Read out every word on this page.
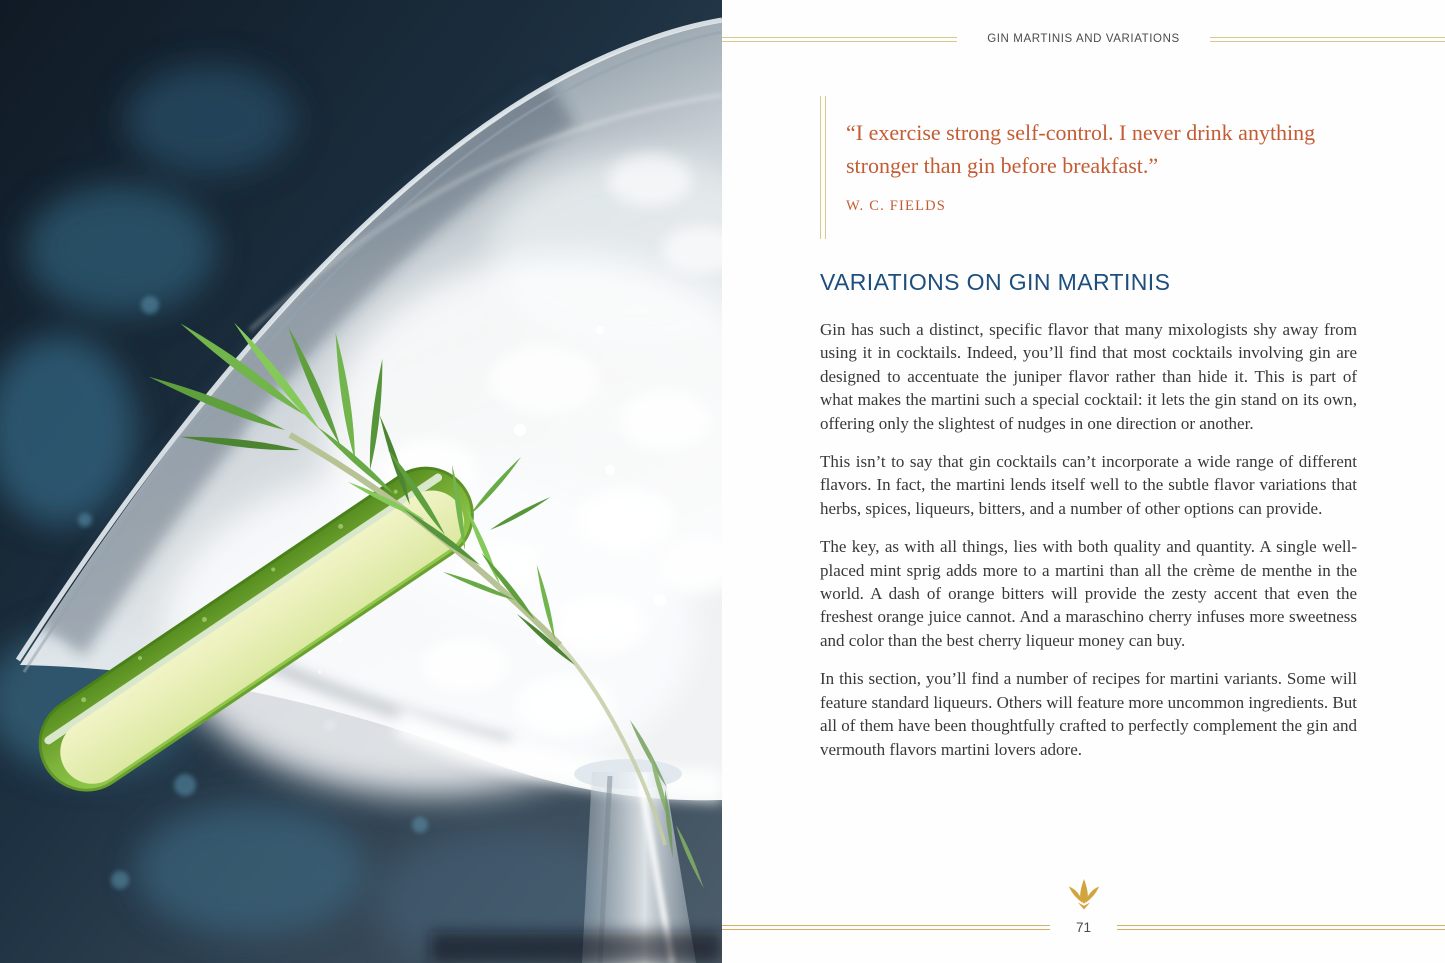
GIN MARTINIS AND VARIATIONS

“I exercise strong self-control. I never drink anything stronger than gin before breakfast.”

W. C. FIELDS

VARIATIONS ON GIN MARTINIS

Gin has such a distinct, specific flavor that many mixologists shy away from using it in cocktails. Indeed, you’ll find that most cocktails involving gin are designed to accentuate the juniper flavor rather than hide it. This is part of what makes the martini such a special cocktail: it lets the gin stand on its own, offering only the slightest of nudges in one direction or another.

This isn’t to say that gin cocktails can’t incorporate a wide range of different flavors. In fact, the martini lends itself well to the subtle flavor variations that herbs, spices, liqueurs, bitters, and a number of other options can provide.

The key, as with all things, lies with both quality and quantity. A single well-placed mint sprig adds more to a martini than all the crème de menthe in the world. A dash of orange bitters will provide the zesty accent that even the freshest orange juice cannot. And a maraschino cherry infuses more sweetness and color than the best cherry liqueur money can buy.

In this section, you’ll find a number of recipes for martini variants. Some will feature standard liqueurs. Others will feature more uncommon ingredients. But all of them have been thoughtfully crafted to perfectly complement the gin and vermouth flavors martini lovers adore.

71
